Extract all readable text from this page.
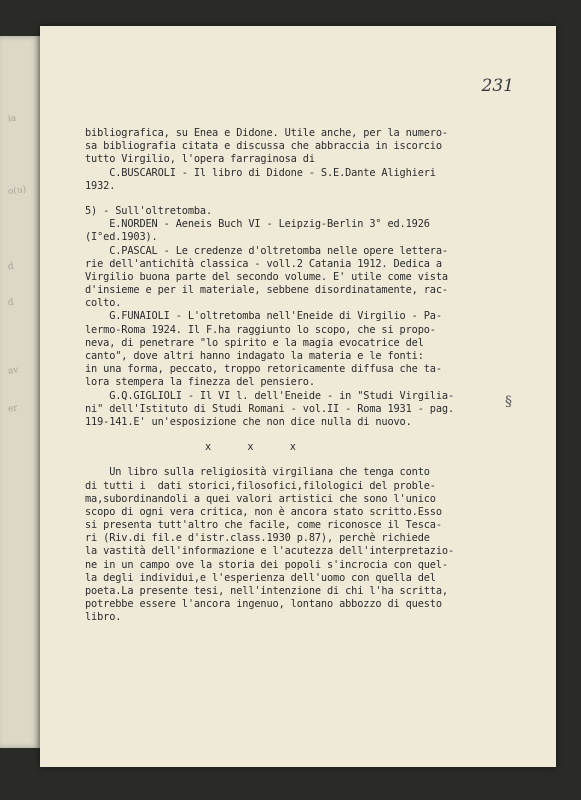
ia
o(u)
d
d
av
er
231
bibliografica, su Enea e Didone. Utile anche, per la numero-
sa bibliografia citata e discussa che abbraccia in iscorcio
tutto Virgilio, l'opera farraginosa di
C.BUSCAROLI - Il libro di Didone - S.E.Dante Alighieri
1932.
5) - Sull'oltretomba.
E.NORDEN - Aeneis Buch VI - Leipzig-Berlin 3° ed.1926
(I°ed.1903).
C.PASCAL - Le credenze d'oltretomba nelle opere lettera-
rie dell'antichità classica - voll.2 Catania 1912. Dedica a
Virgilio buona parte del secondo volume. E' utile come vista
d'insieme e per il materiale, sebbene disordinatamente, rac-
colto.
G.FUNAIOLI - L'oltretomba nell'Eneide di Virgilio - Pa-
lermo-Roma 1924. Il F.ha raggiunto lo scopo, che si propo-
neva, di penetrare "lo spirito e la magia evocatrice del
canto", dove altri hanno indagato la materia e le fonti:
in una forma, peccato, troppo retoricamente diffusa che ta-
lora stempera la finezza del pensiero.
G.Q.GIGLIOLI - Il VI l. dell'Eneide - in "Studi Virgilia-
ni" dell'Istituto di Studi Romani - vol.II - Roma 1931 - pag.
119-141.E' un'esposizione che non dice nulla di nuovo.
x      x      x
Un libro sulla religiosità virgiliana che tenga conto
di tutti i  dati storici,filosofici,filologici del proble-
ma,subordinandoli a quei valori artistici che sono l'unico
scopo di ogni vera critica, non è ancora stato scritto.Esso
si presenta tutt'altro che facile, come riconosce il Tesca-
ri (Riv.di fil.e d'istr.class.1930 p.87), perchè richiede
la vastità dell'informazione e l'acutezza dell'interpretazio-
ne in un campo ove la storia dei popoli s'incrocia con quel-
la degli individui,e l'esperienza dell'uomo con quella del
poeta.La presente tesi, nell'intenzione di chi l'ha scritta,
potrebbe essere l'ancora ingenuo, lontano abbozzo di questo
libro.
§
